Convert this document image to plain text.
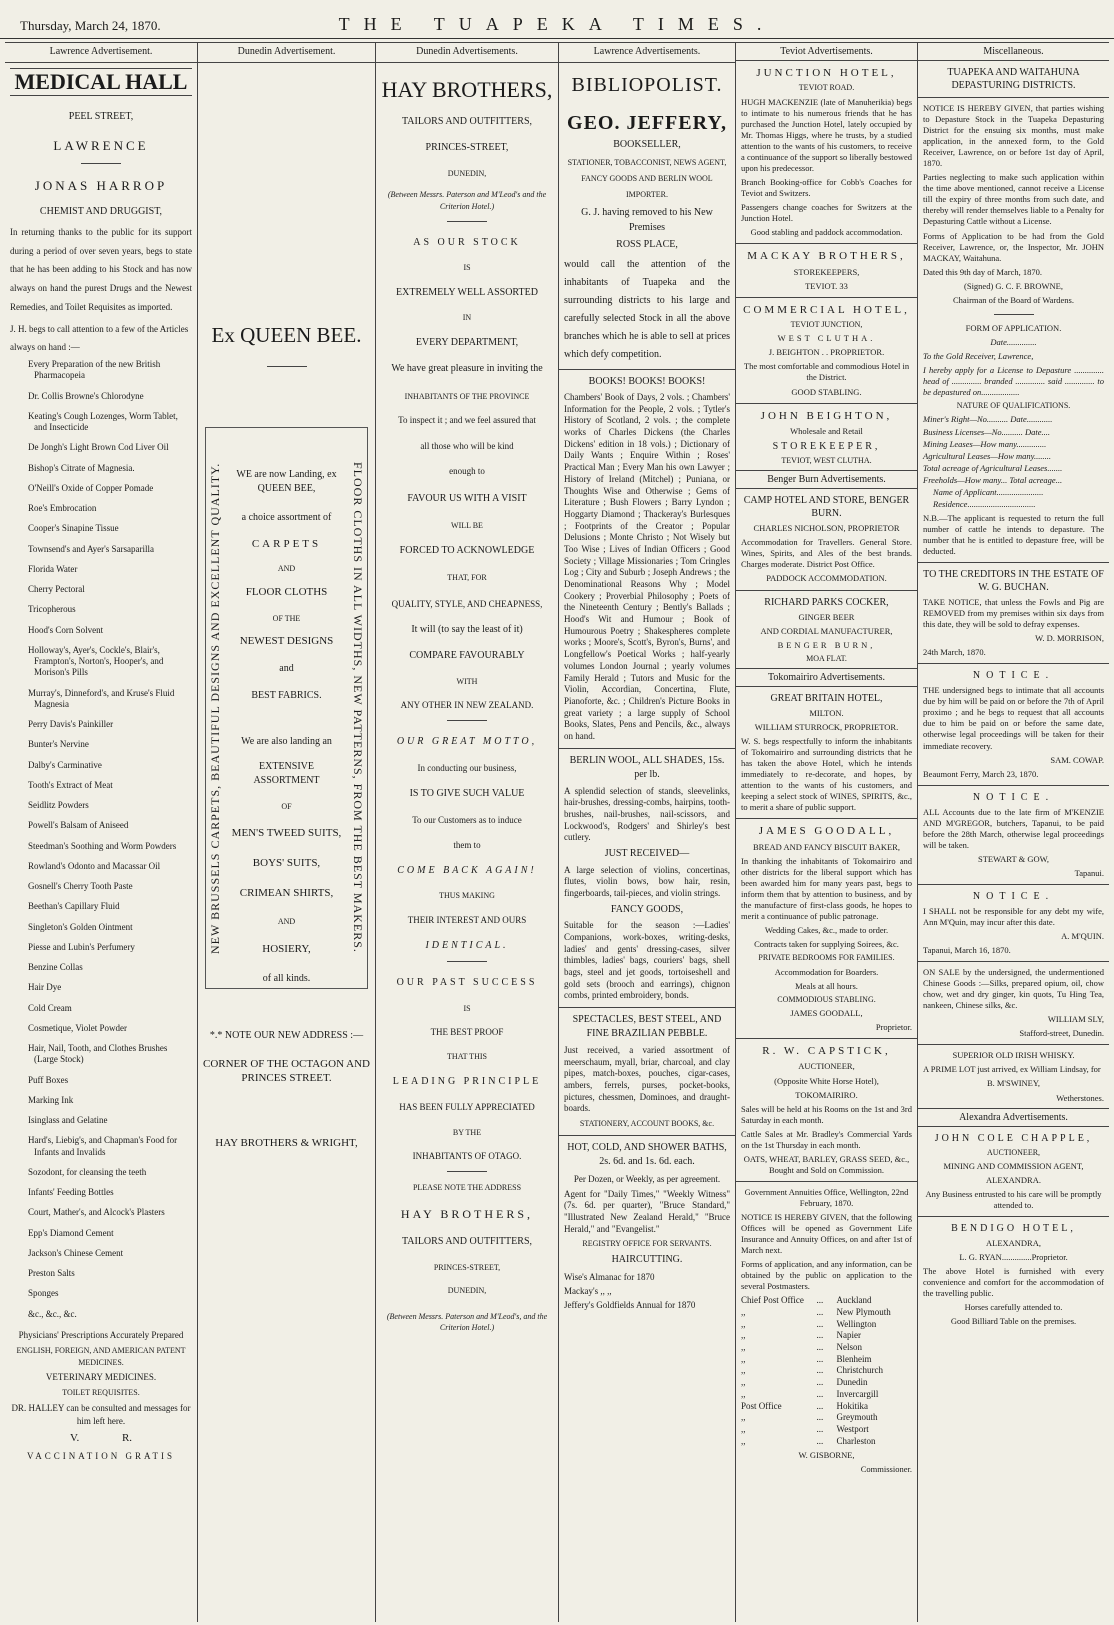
Thursday, March 24, 1870.	THE TUAPEKA TIMES.
Lawrence Advertisement.
MEDICAL HALL

PEEL STREET,

LAWRENCE

JONAS HARROP

CHEMIST AND DRUGGIST,

In returning thanks to the public for its support during a period of over seven years, begs to state that he has been adding to his Stock and has now always on hand the purest Drugs and the Newest Remedies, and Toilet Requisites as imported.

J. H. begs to call attention to a few of the Articles always on hand :—

Every Preparation of the new British Pharmacopeia
Dr. Collis Browne's Chlorodyne
Keating's Cough Lozenges, Worm Tablet, and Insecticide
De Jongh's Light Brown Cod Liver Oil
Bishop's Citrate of Magnesia.
O'Neill's Oxide of Copper Pomade
Roe's Embrocation
Cooper's Sinapine Tissue
Townsend's and Ayer's Sarsaparilla
Florida Water
Cherry Pectoral
Tricopherous
Hood's Corn Solvent
Holloway's, Ayer's, Cockle's, Blair's, Frampton's, Norton's, Hooper's, and Morison's Pills
Murray's, Dinneford's, and Kruse's Fluid Magnesia
Perry Davis's Painkiller
Bunter's Nervine
Dalby's Carminative
Tooth's Extract of Meat
Seidlitz Powders
Powell's Balsam of Aniseed
Steedman's Soothing and Worm Powders
Rowland's Odonto and Macassar Oil
Gosnell's Cherry Tooth Paste
Beethan's Capillary Fluid
Singleton's Golden Ointment
Piesse and Lubin's Perfumery
Benzine Collas
Hair Dye
Cold Cream
Cosmetique, Violet Powder
Hair, Nail, Tooth, and Clothes Brushes (Large Stock)
Puff Boxes
Marking Ink
Isinglass and Gelatine
Hard's, Liebig's, and Chapman's Food for Infants and Invalids
Sozodont, for cleansing the teeth
Infants' Feeding Bottles
Court, Mather's, and Alcock's Plasters
Epp's Diamond Cement
Jackson's Chinese Cement
Preston Salts
Sponges
&c., &c., &c.

Physicians' Prescriptions Accurately Prepared

ENGLISH, FOREIGN, AND AMERICAN PATENT MEDICINES.

VETERINARY MEDICINES.

TOILET REQUISITES.

DR. HALLEY can be consulted and messages for him left here.

V. R.

VACCINATION GRATIS

Dunedin Advertisement.
Ex QUEEN BEE.
NEW BRUSSELS CARPETS, BEAUTIFUL DESIGNS AND EXCELLENT QUALITY.	FLOOR CLOTHS IN ALL WIDTHS, NEW PATTERNS, FROM THE BEST MAKERS.

WE are now Landing, ex QUEEN BEE,

a choice assortment of

CARPETS

AND

FLOOR CLOTHS

OF THE

NEWEST DESIGNS

and

BEST FABRICS.

We are also landing an

EXTENSIVE ASSORTMENT

OF

MEN'S TWEED SUITS,

BOYS' SUITS,

CRIMEAN SHIRTS,

AND

HOSIERY,

of all kinds.

*.* NOTE OUR NEW ADDRESS :—

CORNER OF THE OCTAGON AND PRINCES STREET.

HAY BROTHERS & WRIGHT,

Dunedin Advertisements.
HAY BROTHERS,

TAILORS AND OUTFITTERS,

PRINCES-STREET,

DUNEDIN,

(Between Messrs. Paterson and M'Leod's and the Criterion Hotel.)

AS OUR STOCK

IS

EXTREMELY WELL ASSORTED

IN

EVERY DEPARTMENT,

We have great pleasure in inviting the

INHABITANTS OF THE PROVINCE

To inspect it ; and we feel assured that

all those who will be kind

enough to

FAVOUR US WITH A VISIT

WILL BE

FORCED TO ACKNOWLEDGE

THAT, FOR

QUALITY, STYLE, AND CHEAPNESS,

It will (to say the least of it)

COMPARE FAVOURABLY

WITH

ANY OTHER IN NEW ZEALAND.

OUR GREAT MOTTO,

In conducting our business,

IS TO GIVE SUCH VALUE

To our Customers as to induce

them to

COME BACK AGAIN!

THUS MAKING

THEIR INTEREST AND OURS

IDENTICAL.

OUR PAST SUCCESS

IS

THE BEST PROOF

THAT THIS

LEADING PRINCIPLE

HAS BEEN FULLY APPRECIATED

BY THE

INHABITANTS OF OTAGO.

PLEASE NOTE THE ADDRESS

HAY BROTHERS,

TAILORS AND OUTFITTERS,

PRINCES-STREET,

DUNEDIN,

(Between Messrs. Paterson and M'Leod's, and the Criterion Hotel.)

Lawrence Advertisements.
BIBLIOPOLIST.
GEO. JEFFERY,

BOOKSELLER,

STATIONER, TOBACCONIST, NEWS AGENT, FANCY GOODS AND BERLIN WOOL IMPORTER.

G. J. having removed to his New Premises

ROSS PLACE,

would call the attention of the inhabitants of Tuapeka and the surrounding districts to his large and carefully selected Stock in all the above branches which he is able to sell at prices which defy competition.

BOOKS! BOOKS! BOOKS!

Chambers' Book of Days, 2 vols. ; Chambers' Information for the People, 2 vols. ; Tytler's History of Scotland, 2 vols. ; the complete works of Charles Dickens (the Charles Dickens' edition in 18 vols.) ; Dictionary of Daily Wants ; Enquire Within ; Roses' Practical Man ; Every Man his own Lawyer ; History of Ireland (Mitchel) ; Puniana, or Thoughts Wise and Otherwise ; Gems of Literature ; Bush Flowers ; Barry Lyndon ; Hoggarty Diamond ; Thackeray's Burlesques ; Footprints of the Creator ; Popular Delusions ; Monte Christo ; Not Wisely but Too Wise ; Lives of Indian Officers ; Good Society ; Village Missionaries ; Tom Cringles Log ; City and Suburb ; Joseph Andrews ; the Denominational Reasons Why ; Model Cookery ; Proverbial Philosophy ; Poets of the Nineteenth Century ; Bently's Ballads ; Hood's Wit and Humour ; Book of Humourous Poetry ; Shakespheres complete works ; Moore's, Scott's, Byron's, Burns', and Longfellow's Poetical Works ; half-yearly volumes London Journal ; yearly volumes Family Herald ; Tutors and Music for the Violin, Accordian, Concertina, Flute, Pianoforte, &c. ; Children's Picture Books in great variety ; a large supply of School Books, Slates, Pens and Pencils, &c., always on hand.

BERLIN WOOL, ALL SHADES, 15s. per lb.

A splendid selection of stands, sleevelinks, hair-brushes, dressing-combs, hairpins, tooth-brushes, nail-brushes, nail-scissors, and Lockwood's, Rodgers' and Shirley's best cutlery.

JUST RECEIVED—

A large selection of violins, concertinas, flutes, violin bows, bow hair, resin, fingerboards, tail-pieces, and violin strings.

FANCY GOODS,

Suitable for the season :—Ladies' Companions, work-boxes, writing-desks, ladies' and gents' dressing-cases, silver thimbles, ladies' bags, couriers' bags, shell bags, steel and jet goods, tortoiseshell and gold sets (brooch and earrings), chignon combs, printed embroidery, bonds.

SPECTACLES, BEST STEEL, AND FINE BRAZILIAN PEBBLE.

Just received, a varied assortment of meerschaum, myall, briar, charcoal, and clay pipes, match-boxes, pouches, cigar-cases, ambers, ferrels, purses, pocket-books, pictures, chessmen, Dominoes, and draught-boards.

STATIONERY, ACCOUNT BOOKS, &c.

HOT, COLD, AND SHOWER BATHS, 2s. 6d. and 1s. 6d. each.

Per Dozen, or Weekly, as per agreement.

Agent for "Daily Times," "Weekly Witness" (7s. 6d. per quarter), "Bruce Standard," "Illustrated New Zealand Herald," "Bruce Herald," and "Evangelist."

REGISTRY OFFICE FOR SERVANTS.

HAIRCUTTING.

Wise's Almanac for 1870

Mackay's ,, ,,

Jeffery's Goldfields Annual for 1870

Teviot Advertisements.

JUNCTION HOTEL,

TEVIOT ROAD.

HUGH MACKENZIE (late of Manuherikia) begs to intimate to his numerous friends that he has purchased the Junction Hotel, lately occupied by Mr. Thomas Higgs, where he trusts, by a studied attention to the wants of his customers, to receive a continuance of the support so liberally bestowed upon his predecessor.

Branch Booking-office for Cobb's Coaches for Teviot and Switzers.

Passengers change coaches for Switzers at the Junction Hotel.

Good stabling and paddock accommodation.

MACKAY BROTHERS,

STOREKEEPERS,

TEVIOT. 33

COMMERCIAL HOTEL,

TEVIOT JUNCTION,

WEST CLUTHA.

J. BEIGHTON . . PROPRIETOR.

The most comfortable and commodious Hotel in the District.

GOOD STABLING.

JOHN BEIGHTON,

Wholesale and Retail

STOREKEEPER,

TEVIOT, WEST CLUTHA.

Benger Burn Advertisements.

CAMP HOTEL AND STORE, BENGER BURN.

CHARLES NICHOLSON, PROPRIETOR

Accommodation for Travellers. General Store. Wines, Spirits, and Ales of the best brands. Charges moderate. District Post Office.

PADDOCK ACCOMMODATION.

RICHARD PARKS COCKER,

GINGER BEER

AND CORDIAL MANUFACTURER,

BENGER BURN,

MOA FLAT.

Tokomairiro Advertisements.

GREAT BRITAIN HOTEL,

MILTON.

WILLIAM STURROCK, PROPRIETOR.

W. S. begs respectfully to inform the inhabitants of Tokomairiro and surrounding districts that he has taken the above Hotel, which he intends immediately to re-decorate, and hopes, by attention to the wants of his customers, and keeping a select stock of WINES, SPIRITS, &c., to merit a share of public support.

JAMES GOODALL,

BREAD AND FANCY BISCUIT BAKER,

In thanking the inhabitants of Tokomairiro and other districts for the liberal support which has been awarded him for many years past, begs to inform them that by attention to business, and by the manufacture of first-class goods, he hopes to merit a continuance of public patronage.

Wedding Cakes, &c., made to order.

Contracts taken for supplying Soirees, &c.

PRIVATE BEDROOMS FOR FAMILIES.

Accommodation for Boarders.

Meals at all hours.

COMMODIOUS STABLING.

JAMES GOODALL,

Proprietor.

R. W. CAPSTICK,

AUCTIONEER,

(Opposite White Horse Hotel),

TOKOMAIRIRO.

Sales will be held at his Rooms on the 1st and 3rd Saturday in each month.

Cattle Sales at Mr. Bradley's Commercial Yards on the 1st Thursday in each month.

OATS, WHEAT, BARLEY, GRASS SEED, &c., Bought and Sold on Commission.

Government Annuities Office, Wellington, 22nd February, 1870.

NOTICE IS HEREBY GIVEN, that the following Offices will be opened as Government Life Insurance and Annuity Offices, on and after 1st of March next.

Forms of application, and any information, can be obtained by the public on application to the several Postmasters.

Chief Post Office	...	Auckland
,,	...	New Plymouth
,,	...	Wellington
,,	...	Napier
,,	...	Nelson
,,	...	Blenheim
,,	...	Christchurch
,,	...	Dunedin
,,	...	Invercargill
Post Office	...	Hokitika
,,	...	Greymouth
,,	...	Westport
,,	...	Charleston

W. GISBORNE,

Commissioner.

Miscellaneous.

TUAPEKA AND WAITAHUNA DEPASTURING DISTRICTS.

NOTICE IS HEREBY GIVEN, that parties wishing to Depasture Stock in the Tuapeka Depasturing District for the ensuing six months, must make application, in the annexed form, to the Gold Receiver, Lawrence, on or before 1st day of April, 1870.

Parties neglecting to make such application within the time above mentioned, cannot receive a License till the expiry of three months from such date, and thereby will render themselves liable to a Penalty for Depasturing Cattle without a License.

Forms of Application to be had from the Gold Receiver, Lawrence, or, the Inspector, Mr. JOHN MACKAY, Waitahuna.

Dated this 9th day of March, 1870.

(Signed) G. C. F. BROWNE,

Chairman of the Board of Wardens.

FORM OF APPLICATION.

Date..............

To the Gold Receiver, Lawrence,

I hereby apply for a License to Depasture .............. head of .............. branded .............. said .............. to be depastured on..................

NATURE OF QUALIFICATIONS.

Miner's Right—No.......... Date............

Business Licenses—No.......... Date....

Mining Leases—How many..............

Agricultural Leases—How many........

Total acreage of Agricultural Leases.......

Freeholds—How many... Total acreage...

Name of Applicant......................

Residence................................

N.B.—The applicant is requested to return the full number of cattle he intends to depasture. The number that he is entitled to depasture free, will be deducted.

TO THE CREDITORS IN THE ESTATE OF W. G. BUCHAN.

TAKE NOTICE, that unless the Fowls and Pig are REMOVED from my premises within six days from this date, they will be sold to defray expenses.

W. D. MORRISON,

24th March, 1870.

NOTICE.

THE undersigned begs to intimate that all accounts due by him will be paid on or before the 7th of April proximo ; and he begs to request that all accounts due to him be paid on or before the same date, otherwise legal proceedings will be taken for their immediate recovery.

SAM. COWAP.

Beaumont Ferry, March 23, 1870.

NOTICE.

ALL Accounts due to the late firm of M'KENZIE AND M'GREGOR, butchers, Tapanui, to be paid before the 28th March, otherwise legal proceedings will be taken.

STEWART & GOW,

Tapanui.

NOTICE.

I SHALL not be responsible for any debt my wife, Ann M'Quin, may incur after this date.

A. M'QUIN.

Tapanui, March 16, 1870.

ON SALE by the undersigned, the undermentioned Chinese Goods :—Silks, prepared opium, oil, chow chow, wet and dry ginger, kin quots, Tu Hing Tea, nankeen, Chinese silks, &c.

WILLIAM SLY,

Stafford-street, Dunedin.

SUPERIOR OLD IRISH WHISKY.

A PRIME LOT just arrived, ex William Lindsay, for

B. M'SWINEY,

Wetherstones.

Alexandra Advertisements.

JOHN COLE CHAPPLE,

AUCTIONEER,

MINING AND COMMISSION AGENT,

ALEXANDRA.

Any Business entrusted to his care will be promptly attended to.

BENDIGO HOTEL,

ALEXANDRA,

L. G. RYAN..............Proprietor.

The above Hotel is furnished with every convenience and comfort for the accommodation of the travelling public.

Horses carefully attended to.

Good Billiard Table on the premises.
